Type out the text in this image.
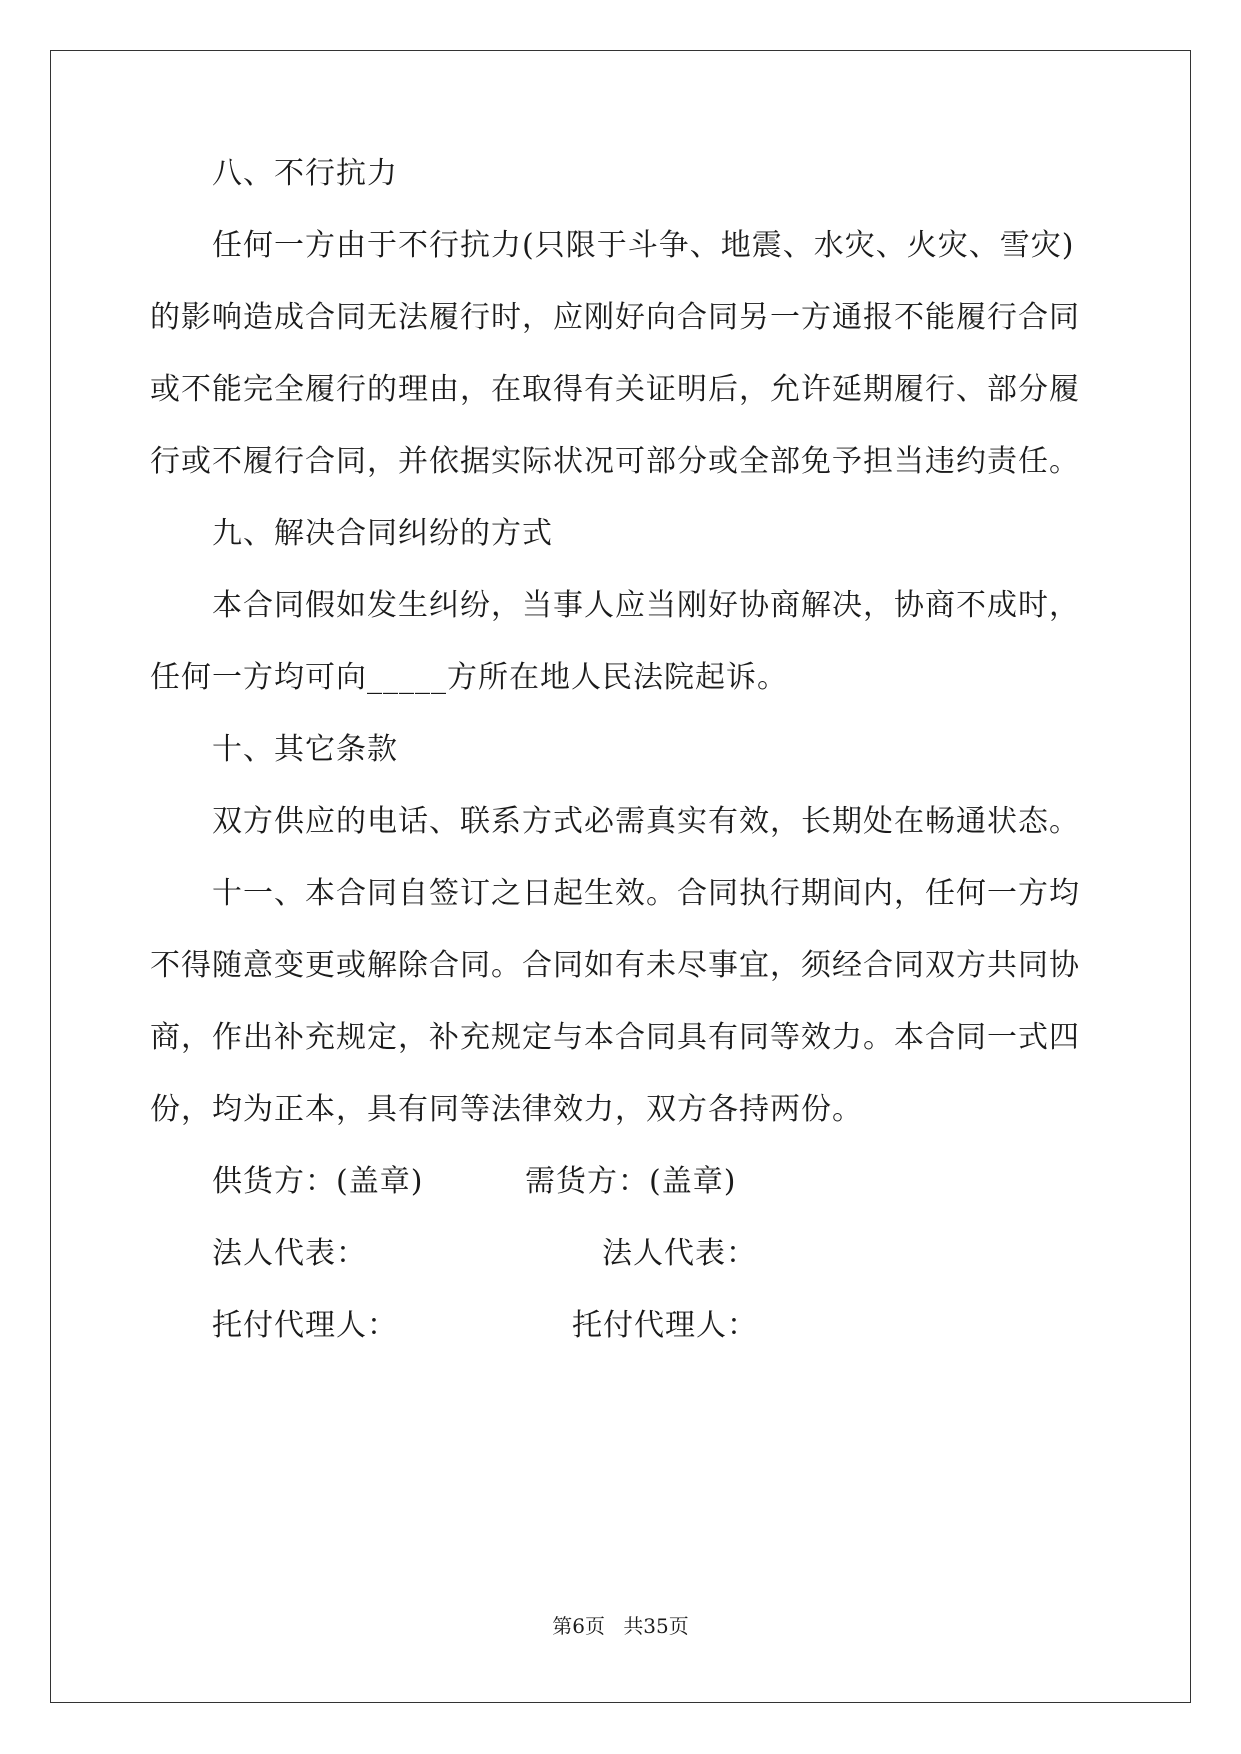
八、不行抗力
任何一方由于不行抗力(只限于斗争、地震、水灾、火灾、雪灾)
的影响造成合同无法履行时，应刚好向合同另一方通报不能履行合同
或不能完全履行的理由，在取得有关证明后，允许延期履行、部分履
行或不履行合同，并依据实际状况可部分或全部免予担当违约责任。
九、解决合同纠纷的方式
本合同假如发生纠纷，当事人应当刚好协商解决，协商不成时，
任何一方均可向_____方所在地人民法院起诉。
十、其它条款
双方供应的电话、联系方式必需真实有效，长期处在畅通状态。
十一、本合同自签订之日起生效。合同执行期间内，任何一方均
不得随意变更或解除合同。合同如有未尽事宜，须经合同双方共同协
商，作出补充规定，补充规定与本合同具有同等效力。本合同一式四
份，均为正本，具有同等法律效力，双方各持两份。
供货方：(盖章)	需货方：(盖章)
法人代表：	法人代表：
托付代理人：	托付代理人：
第6页 共35页
